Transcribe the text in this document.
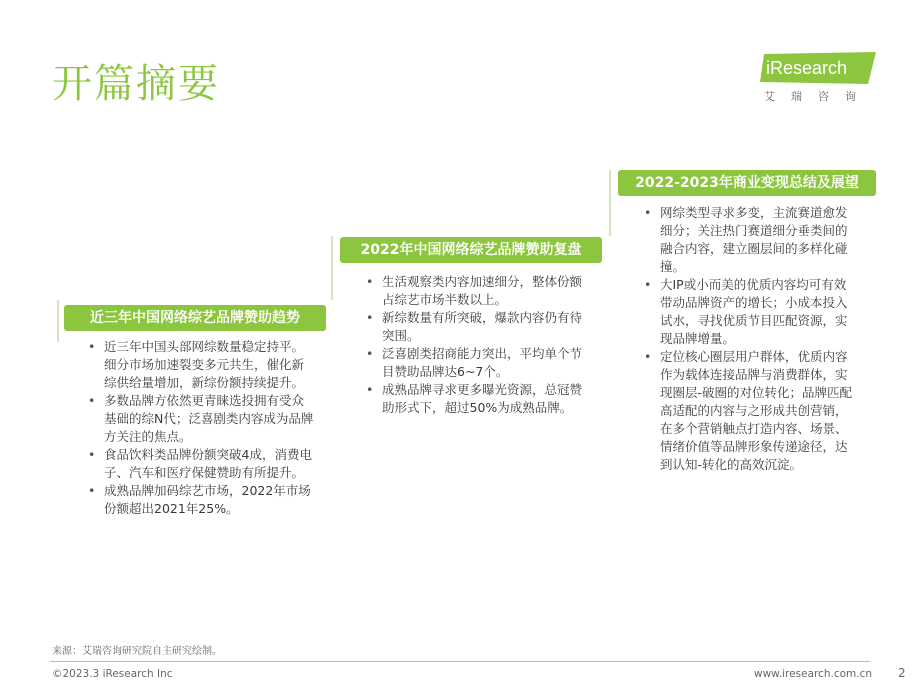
开篇摘要	iResearch
艾瑞咨询
近三年中国网络综艺品牌赞助趋势
• 近三年中国头部网综数量稳定持平。细分市场加速裂变多元共生，催化新综供给量增加，新综份额持续提升。
• 多数品牌方依然更青睐选投拥有受众基础的综N代；泛喜剧类内容成为品牌方关注的焦点。
• 食品饮料类品牌份额突破4成，消费电子、汽车和医疗保健赞助有所提升。
• 成熟品牌加码综艺市场，2022年市场份额超出2021年25%。
2022年中国网络综艺品牌赞助复盘
• 生活观察类内容加速细分，整体份额占综艺市场半数以上。
• 新综数量有所突破，爆款内容仍有待突围。
• 泛喜剧类招商能力突出，平均单个节目赞助品牌达6~7个。
• 成熟品牌寻求更多曝光资源，总冠赞助形式下，超过50%为成熟品牌。
2022-2023年商业变现总结及展望
• 网综类型寻求多变，主流赛道愈发细分；关注热门赛道细分垂类间的融合内容，建立圈层间的多样化碰撞。
• 大IP或小而美的优质内容均可有效带动品牌资产的增长；小成本投入试水，寻找优质节目匹配资源，实现品牌增量。
• 定位核心圈层用户群体，优质内容作为载体连接品牌与消费群体，实现圈层-破圈的对位转化；品牌匹配高适配的内容与之形成共创营销，在多个营销触点打造内容、场景、情绪价值等品牌形象传递途径，达到认知-转化的高效沉淀。
来源：艾瑞咨询研究院自主研究绘制。
©2023.3 iResearch Inc	www.iresearch.com.cn 2
